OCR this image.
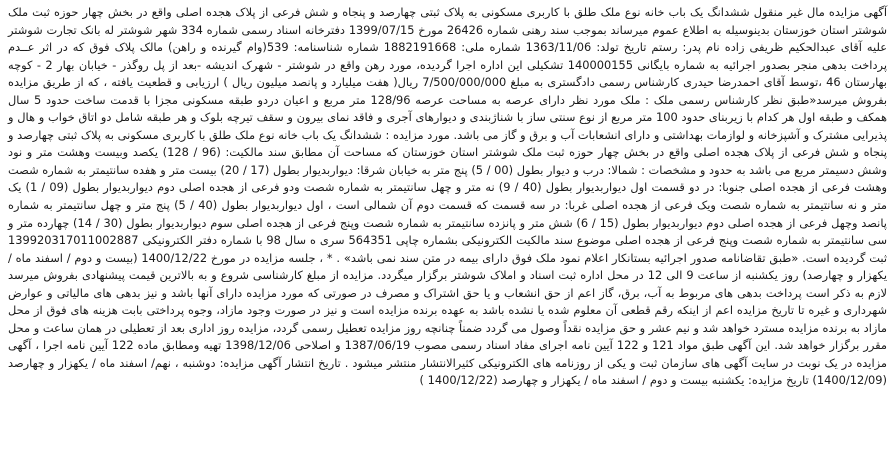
آگهی مزایده مال غیر منقول ششدانگ یک باب خانه نوع ملک طلق با کاربری مسکونی به پلاک ثبتی چهارصد و پنجاه و شش فرعی از پلاک هجده اصلی واقع در بخش چهار حوزه ثبت ملک شوشتر استان خوزستان بدینوسیله به اطلاع عموم میرساند بموجب سند رهنی شماره 26426 مورخ 1399/07/15 دفترخانه اسناد رسمی شماره 334 شهر شوشتر له بانک تجارت شوشتر علیه آقای عبدالحکیم ظریفی زاده نام پدر: رستم تاریخ تولد: 1363/11/06 شماره ملی: 1882191668 شماره شناسنامه: 539(وام گیرنده و راهن) مالک پلاک فوق که در اثر عــدم پرداخت بدهی منجر بصدور اجرائیه به شماره بایگانی 140000155 تشکیلی این اداره اجرا گردیده، مورد رهن واقع در شوشتر - شهرک اندیشه -بعد از پل روگذر - خیابان بهار 2 - کوچه بهارستان 46 ،توسط آقای احمدرضا حیدری کارشناس رسمی دادگستری به مبلغ 7/500/000/000 ریال( هفت میلیارد و پانصد میلیون ریال ) ارزیابی و قطعیت یافته ، که از طریق مزایده بفروش میرسد«طبق نظر کارشناس رسمی ملک : ملک مورد نظر دارای عرصه به مساحت عرصه 128/96 متر مربع و اعیان دردو طبقه مسکونی مجزا با قدمت ساخت حدود 5 سال همکف و طبقه اول هر کدام با زیربنای حدود 100 متر مربع از نوع سنتی ساز با شناژبندی و دیوارهای آجری و فاقد نمای بیرون و سقف تیرچه بلوک و هر طبقه شامل دو اتاق خواب و هال و پذیرایی مشترک و آشپزخانه و لوازمات بهداشتی و دارای انشعابات آب و برق و گاز می باشد. مورد مزایده : ششدانگ یک باب خانه نوع ملک طلق با کاربری مسکونی به پلاک ثبتی چهارصد و پنجاه و شش فرعی از پلاک هجده اصلی واقع در بخش چهار حوزه ثبت ملک شوشتر استان خوزستان که مساحت آن مطابق سند مالکیت: (96 / 128) یکصد وبیست وهشت متر و نود وشش دسیمتر مربع می باشد به حدود و مشخصات : شمالا: درب و دیوار بطول (00 / 5) پنج متر به خیابان شرقا: دیواربدیوار بطول (17 / 20) بیست متر و هفده سانتیمتر به شماره شصت وهشت فرعی از هجده اصلی جنوبا: در دو قسمت اول دیواربدیوار بطول (40 / 9) نه متر و چهل سانتیمتر به شماره شصت ودو فرعی از هجده اصلی دوم دیواربدیوار بطول (09 / 1) یک متر و نه سانتیمتر به شماره شصت ویک فرعی از هجده اصلی غربا: در سه قسمت که قسمت دوم آن شمالی است ، اول دیواربدیوار بطول (40 / 5) پنج متر و چهل سانتیمتر به شماره پانصد وچهل فرعی از هجده اصلی دوم دیواربدیوار بطول (15 / 6) شش متر و پانزده سانتیمتر به شماره شصت وپنج فرعی از هجده اصلی سوم دیواربدیوار بطول (30 / 14) چهارده متر و سی سانتیمتر به شماره شصت وپنج فرعی از هجده اصلی موضوع سند مالکیت الکترونیکی بشماره چاپی 564351 سری ه سال 98 با شماره دفتر الکترونیکی 139920317011002887 ثبت گردیده است. «طبق تقاضانامه صدور اجرائیه بستانکار اعلام نمود ملک فوق دارای بیمه در متن سند نمی باشد» . * ، جلسه مزایده در مورخ 1400/12/22 (بیست و دوم / اسفند ماه /یکهزار و چهارصد) روز یکشنبه از ساعت 9 الی 12 در محل اداره ثبت اسناد و املاک شوشتر برگزار میگردد. مزایده از مبلغ کارشناسی شروع و به بالاترین قیمت پیشنهادی بفروش میرسد لازم به ذکر است پرداخت بدهی های مربوط به آب، برق، گاز اعم از حق انشعاب و یا حق اشتراک و مصرف در صورتی که مورد مزایده دارای آنها باشد و نیز بدهی های مالیاتی و عوارض شهرداری و غیره تا تاریخ مزایده اعم از اینکه رقم قطعی آن معلوم شده یا نشده باشد به عهده برنده مزایده است و نیز در صورت وجود مازاد، وجوه پرداختی بابت هزینه های فوق از محل مازاد به برنده مزایده مسترد خواهد شد و نیم عشر و حق مزایده نقداً وصول می گردد ضمناً چنانچه روز مزایده تعطیل رسمی گردد، مزایده روز اداری بعد از تعطیلی در همان ساعت و محل مقرر برگزار خواهد شد. این آگهی طبق مواد 121 و 122 آیین نامه اجرای مفاد اسناد رسمی مصوب 1387/06/19 و اصلاحی 1398/12/06 تهیه ومطابق ماده 122 آیین نامه اجرا ، آگهی مزایده در یک نوبت در سایت آگهی های سازمان ثبت و یکی از روزنامه های الکترونیکی کثیرالانتشار منتشر میشود . تاریخ انتشار آگهی مزایده: دوشنبه ، نهم/ اسفند ماه / یکهزار و چهارصد (1400/12/09) تاریخ مزایده: یکشنبه بیست و دوم / اسفند ماه / یکهزار و چهارصد (1400/12/22 )
